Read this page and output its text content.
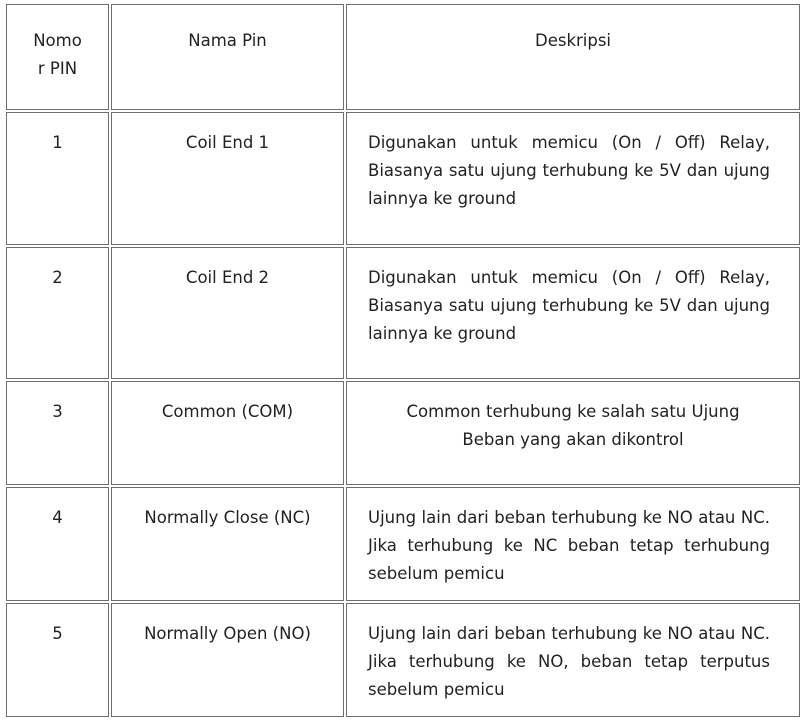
Nomo
r PIN	Nama Pin	Deskripsi

1	Coil End 1	Digunakan untuk memicu (On / Off) Relay, Biasanya satu ujung terhubung ke 5V dan ujung lainnya ke ground

2	Coil End 2	Digunakan untuk memicu (On / Off) Relay, Biasanya satu ujung terhubung ke 5V dan ujung lainnya ke ground

3	Common (COM)	Common terhubung ke salah satu Ujung Beban yang akan dikontrol

4	Normally Close (NC)	Ujung lain dari beban terhubung ke NO atau NC. Jika terhubung ke NC beban tetap terhubung sebelum pemicu

5	Normally Open (NO)	Ujung lain dari beban terhubung ke NO atau NC. Jika terhubung ke NO, beban tetap terputus sebelum pemicu
